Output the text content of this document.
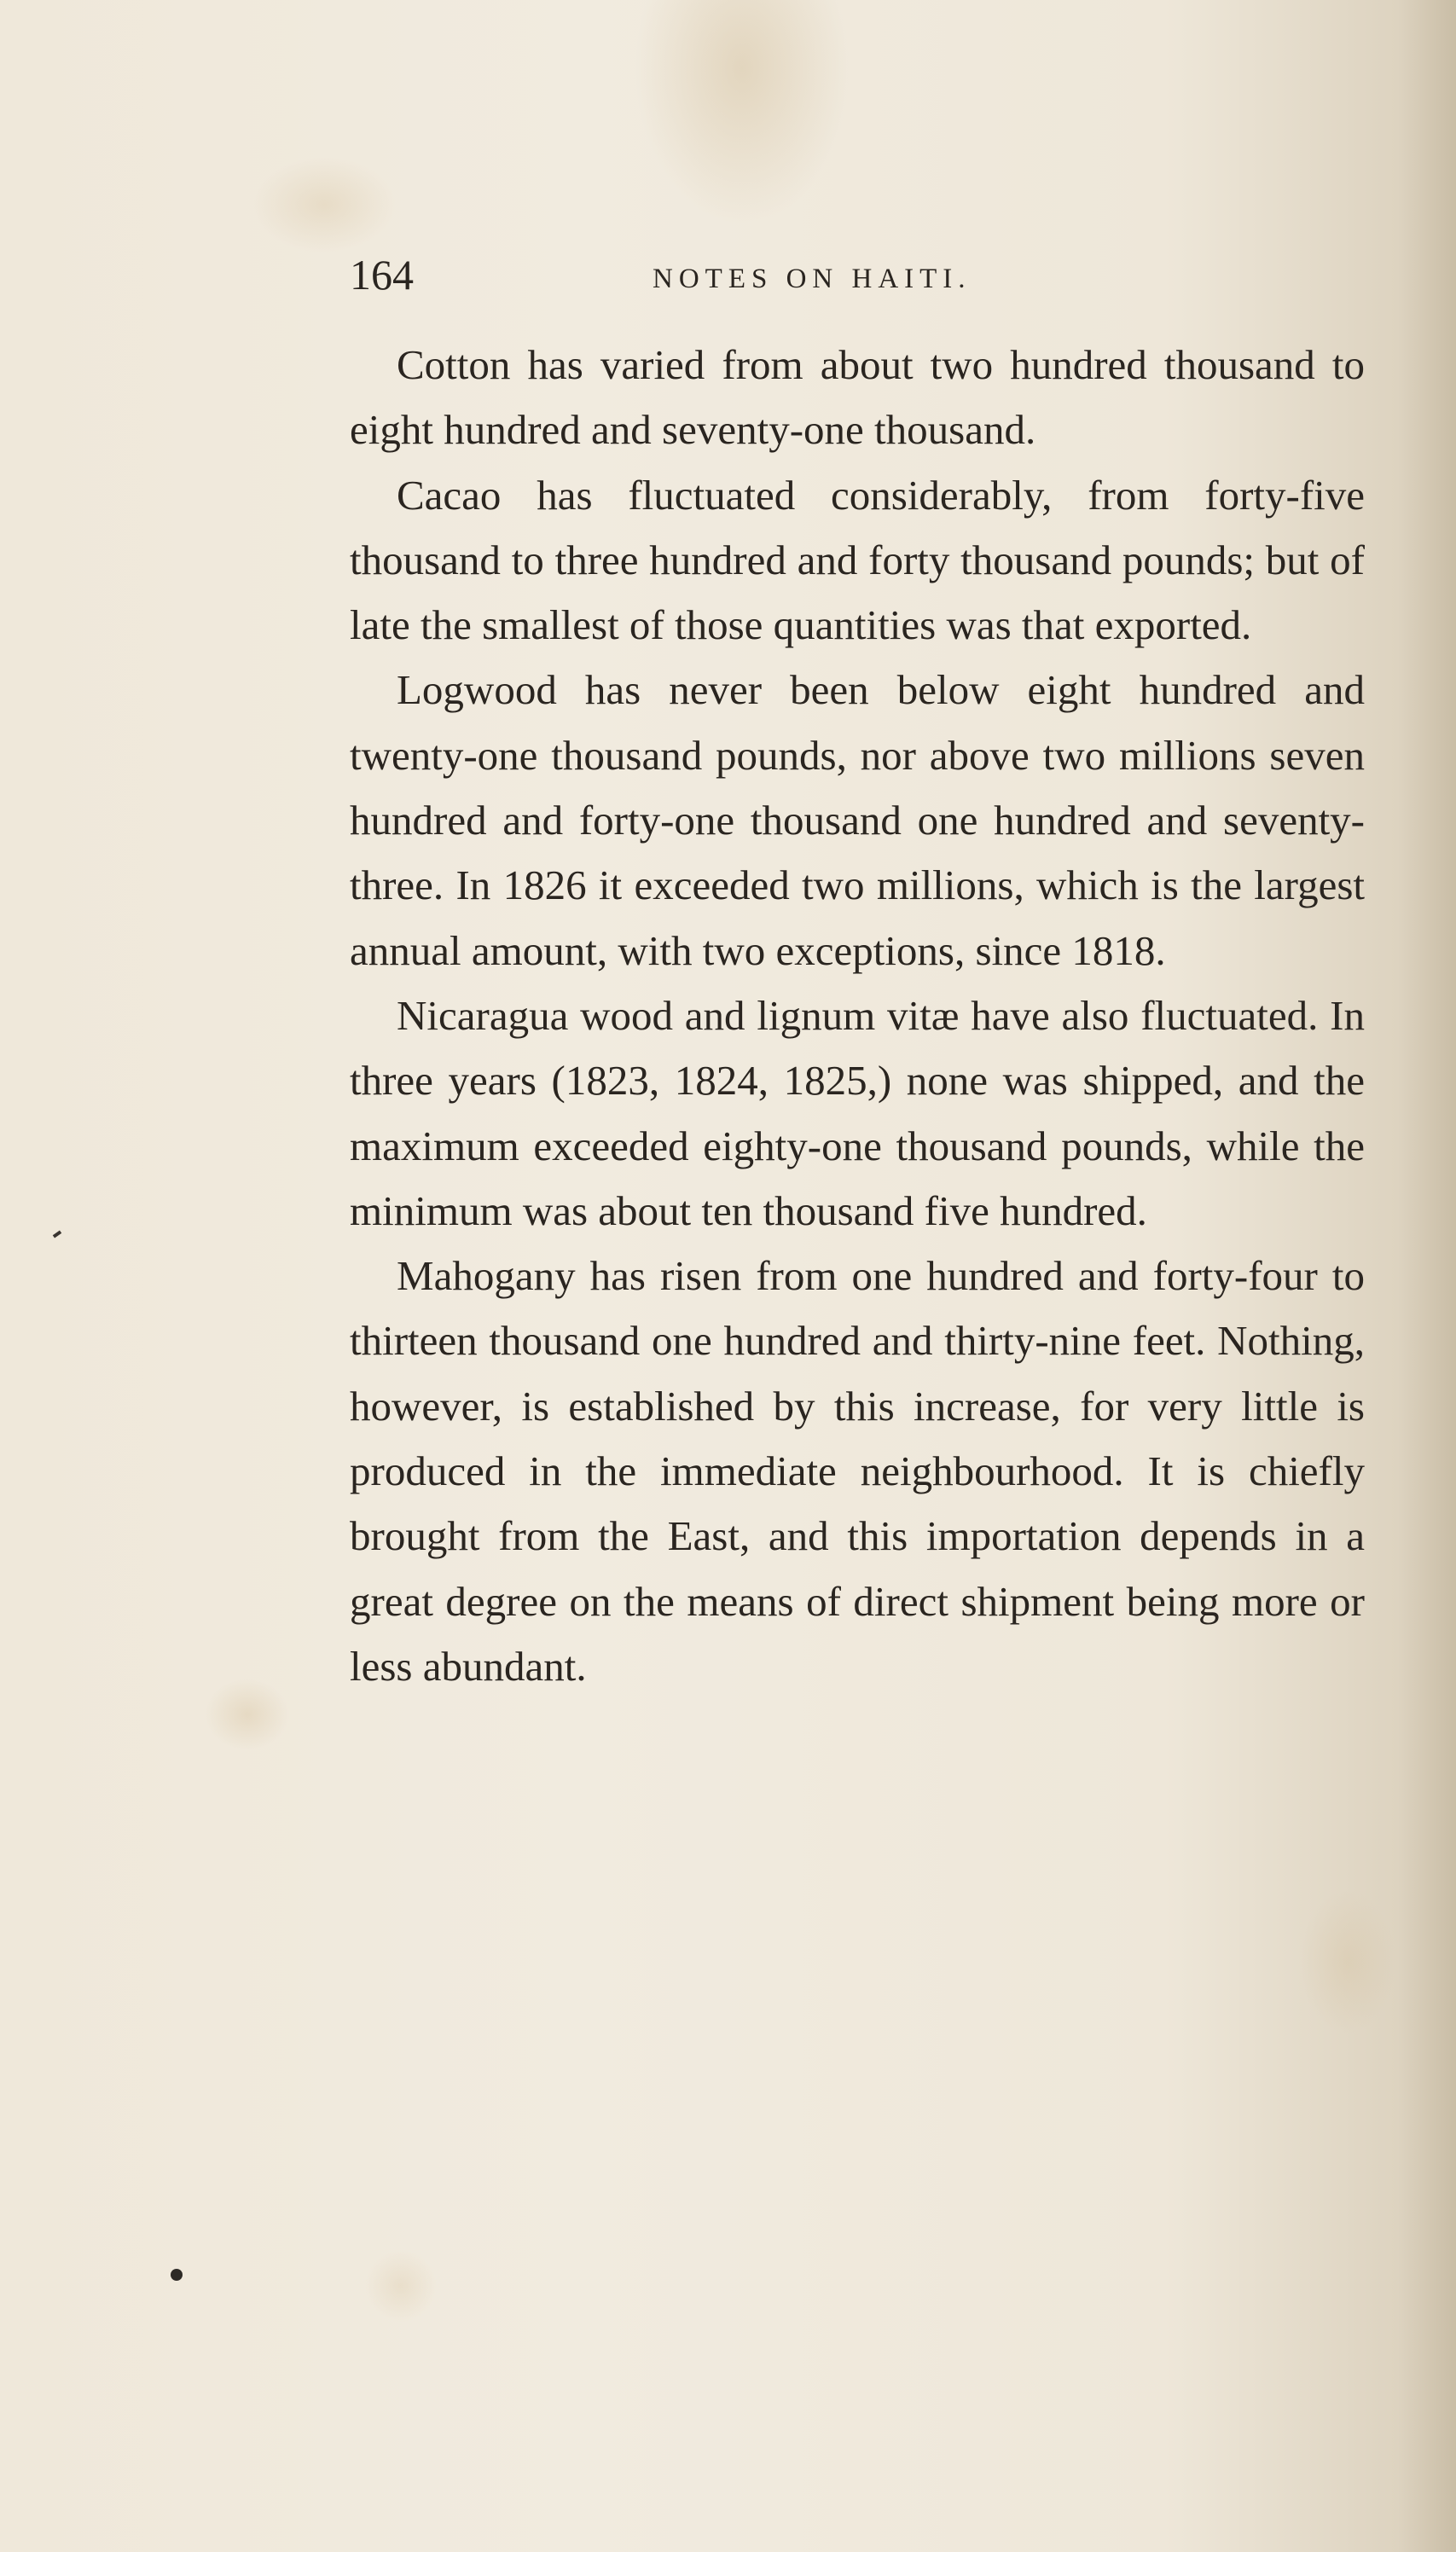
164	NOTES ON HAITI.

Cotton has varied from about two hundred thousand to eight hundred and seventy-one thousand.

Cacao has fluctuated considerably, from forty-five thousand to three hundred and forty thousand pounds; but of late the smallest of those quantities was that exported.

Logwood has never been below eight hundred and twenty-one thousand pounds, nor above two millions seven hundred and forty-one thousand one hundred and seventy-three. In 1826 it exceeded two millions, which is the largest annual amount, with two exceptions, since 1818.

Nicaragua wood and lignum vitæ have also fluctuated. In three years (1823, 1824, 1825,) none was shipped, and the maximum exceeded eighty-one thousand pounds, while the minimum was about ten thousand five hundred.

Mahogany has risen from one hundred and forty-four to thirteen thousand one hundred and thirty-nine feet. Nothing, however, is established by this increase, for very little is produced in the immediate neighbourhood. It is chiefly brought from the East, and this importation depends in a great degree on the means of direct shipment being more or less abundant.
